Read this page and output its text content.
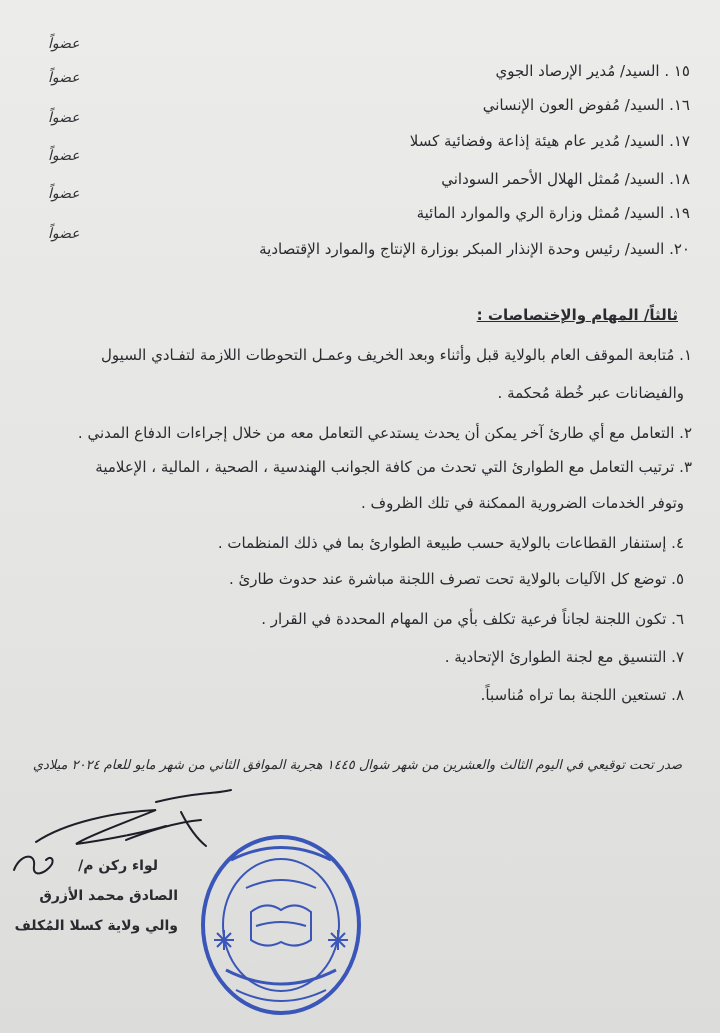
عضواً
١٥ . السيد/ مُدير الإرصاد الجوي
عضواً
١٦. السيد/ مُفوض العون الإنساني
عضواً
١٧. السيد/ مُدير عام هيئة إذاعة وفضائية كسلا
عضواً
١٨. السيد/ مُمثل الهلال الأحمر السوداني
عضواً
١٩. السيد/ مُمثل وزارة الري والموارد المائية
عضواً
٢٠. السيد/ رئيس وحدة الإنذار المبكر بوزارة الإنتاج والموارد الإقتصادية
ثالثاً/ المهام والإختصاصات :
١. مُتابعة الموقف العام بالولاية قبل وأثناء وبعد الخريف وعمـل التحوطات اللازمة لتفـادي السيول
والفيضانات عبر خُطة مُحكمة .
٢. التعامل مع أي طارئ آخر يمكن أن يحدث يستدعي التعامل معه من خلال إجراءات الدفاع المدني .
٣. ترتيب التعامل مع الطوارئ التي تحدث من كافة الجوانب الهندسية ، الصحية ، المالية ، الإعلامية
وتوفر الخدمات الضرورية الممكنة في تلك الظروف .
٤. إستنفار القطاعات بالولاية حسب طبيعة الطوارئ بما في ذلك المنظمات .
٥. توضع كل الآليات بالولاية تحت تصرف اللجنة مباشرة عند حدوث طارئ .
٦. تكون اللجنة لجاناً فرعية تكلف بأي من المهام المحددة في القرار .
٧. التنسيق مع لجنة الطوارئ الإتحادية .
٨. تستعين اللجنة بما تراه مُناسباً.
صدر تحت توقيعي في اليوم الثالث والعشرين من شهر شوال ١٤٤٥ هجرية الموافق الثاني من شهر مايو للعام ٢٠٢٤ ميلادي
لواء ركن م/
الصادق محمد الأزرق
والي ولاية كسلا المُكلف
